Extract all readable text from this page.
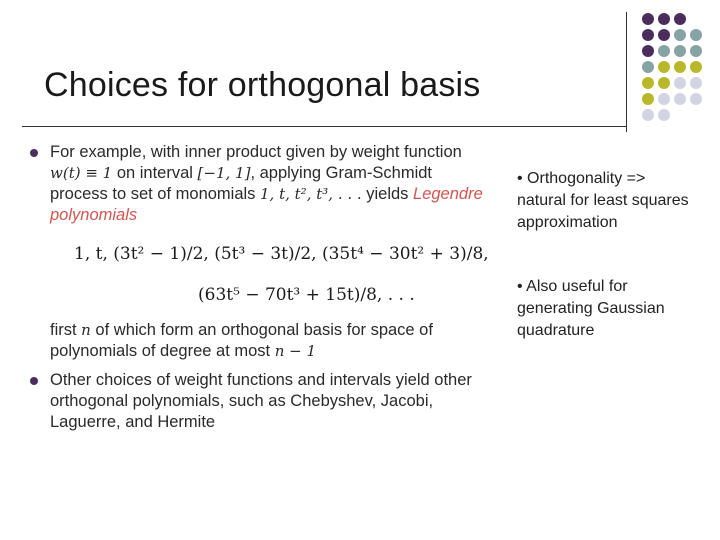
Choices for orthogonal basis
For example, with inner product given by weight function
w(t) ≡ 1 on interval [−1, 1], applying Gram-Schmidt
process to set of monomials 1, t, t², t³, . . . yields Legendre polynomials
1, t, (3t² − 1)/2, (5t³ − 3t)/2, (35t⁴ − 30t² + 3)/8,
(63t⁵ − 70t³ + 15t)/8, . . .
first n of which form an orthogonal basis for space of
polynomials of degree at most n − 1
Other choices of weight functions and intervals yield other orthogonal polynomials, such as Chebyshev, Jacobi, Laguerre, and Hermite

• Orthogonality => natural for least squares approximation

• Also useful for generating Gaussian quadrature
